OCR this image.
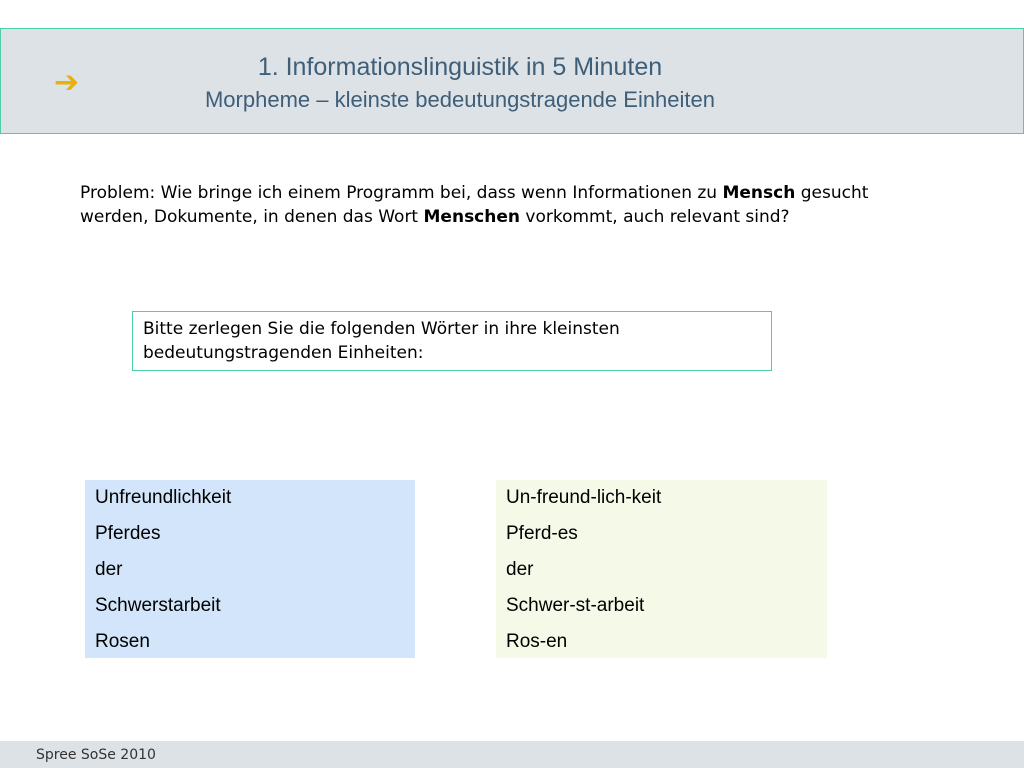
➔	1. Informationslinguistik in 5 Minuten
Morpheme – kleinste bedeutungstragende Einheiten
Problem: Wie bringe ich einem Programm bei, dass wenn Informationen zu Mensch gesucht werden, Dokumente, in denen das Wort Menschen vorkommt, auch relevant sind?
Bitte zerlegen Sie die folgenden Wörter in ihre kleinsten bedeutungstragenden Einheiten:
Unfreundlichkeit
Pferdes
der
Schwerstarbeit
Rosen
Un-freund-lich-keit
Pferd-es
der
Schwer-st-arbeit
Ros-en
Spree SoSe 2010
